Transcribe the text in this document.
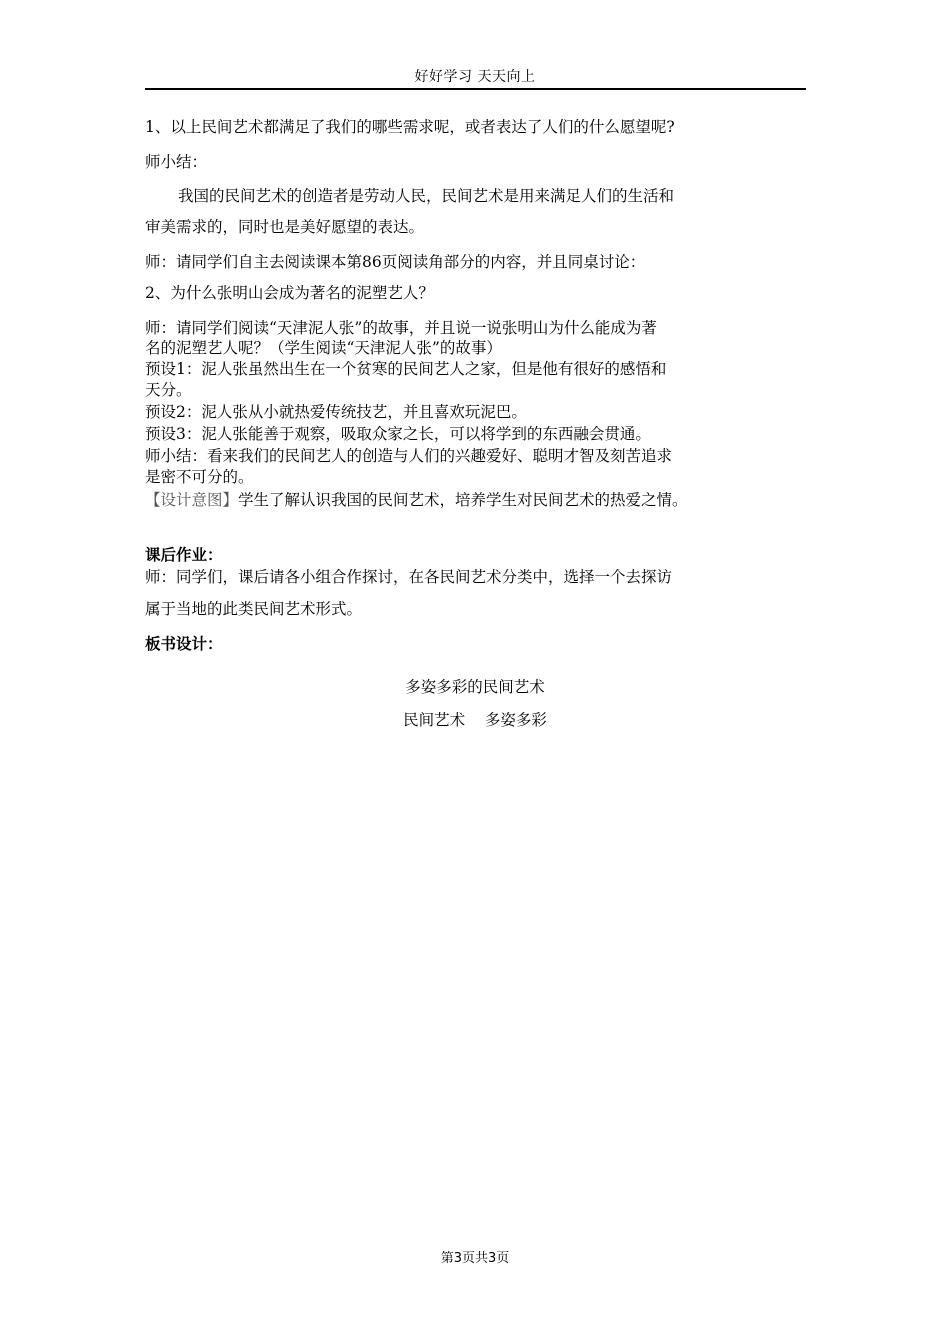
好好学习 天天向上
1、以上民间艺术都满足了我们的哪些需求呢，或者表达了人们的什么愿望呢?
师小结：
我国的民间艺术的创造者是劳动人民，民间艺术是用来满足人们的生活和
审美需求的，同时也是美好愿望的表达。
师：请同学们自主去阅读课本第86页阅读角部分的内容，并且同桌讨论：
2、为什么张明山会成为著名的泥塑艺人？
师：请同学们阅读“天津泥人张”的故事，并且说一说张明山为什么能成为著
名的泥塑艺人呢？（学生阅读“天津泥人张”的故事）
预设1：泥人张虽然出生在一个贫寒的民间艺人之家，但是他有很好的感悟和
天分。
预设2：泥人张从小就热爱传统技艺，并且喜欢玩泥巴。
预设3：泥人张能善于观察，吸取众家之长，可以将学到的东西融会贯通。
师小结：看来我们的民间艺人的创造与人们的兴趣爱好、聪明才智及刻苦追求
是密不可分的。
【设计意图】学生了解认识我国的民间艺术，培养学生对民间艺术的热爱之情。
课后作业：
师：同学们，课后请各小组合作探讨，在各民间艺术分类中，选择一个去探访
属于当地的此类民间艺术形式。
板书设计：
多姿多彩的民间艺术
民间艺术    多姿多彩
第3页共3页
